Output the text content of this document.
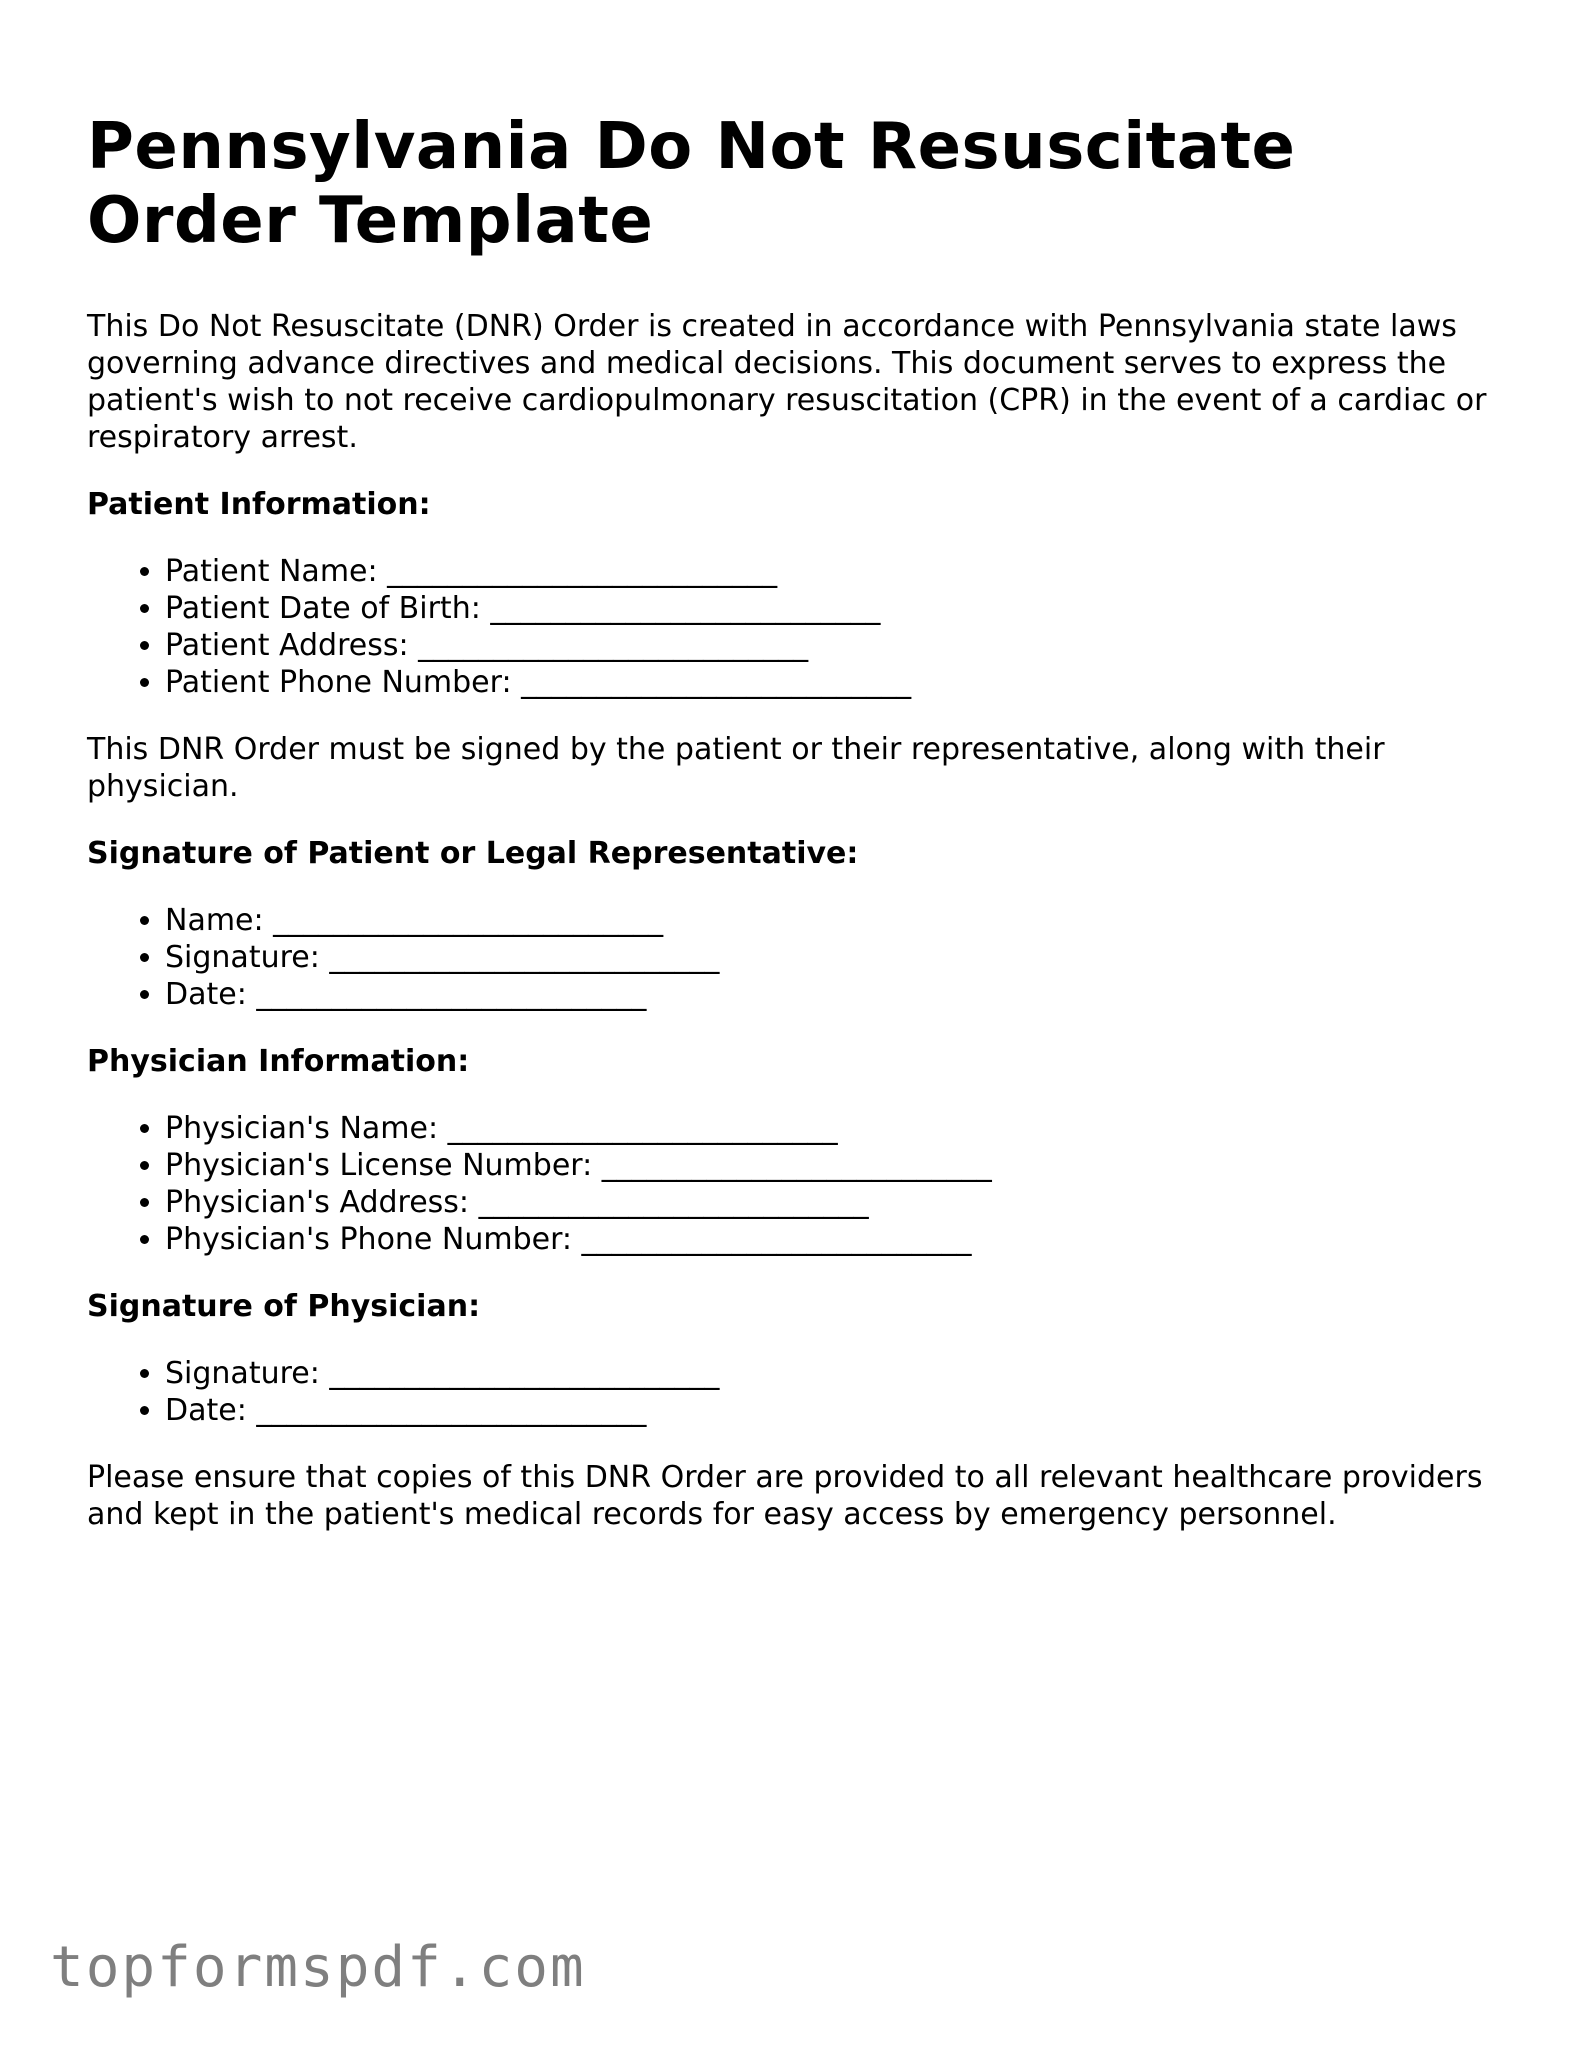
Pennsylvania Do Not Resuscitate Order Template

This Do Not Resuscitate (DNR) Order is created in accordance with Pennsylvania state laws governing advance directives and medical decisions. This document serves to express the patient's wish to not receive cardiopulmonary resuscitation (CPR) in the event of a cardiac or respiratory arrest.

Patient Information:
• Patient Name: __________________________
• Patient Date of Birth: __________________________
• Patient Address: __________________________
• Patient Phone Number: __________________________

This DNR Order must be signed by the patient or their representative, along with their physician.

Signature of Patient or Legal Representative:
• Name: __________________________
• Signature: __________________________
• Date: __________________________
Physician Information:
• Physician's Name: __________________________
• Physician's License Number: __________________________
• Physician's Address: __________________________
• Physician's Phone Number: __________________________
Signature of Physician:
• Signature: __________________________
• Date: __________________________

Please ensure that copies of this DNR Order are provided to all relevant healthcare providers and kept in the patient's medical records for easy access by emergency personnel.

topformspdf.com
